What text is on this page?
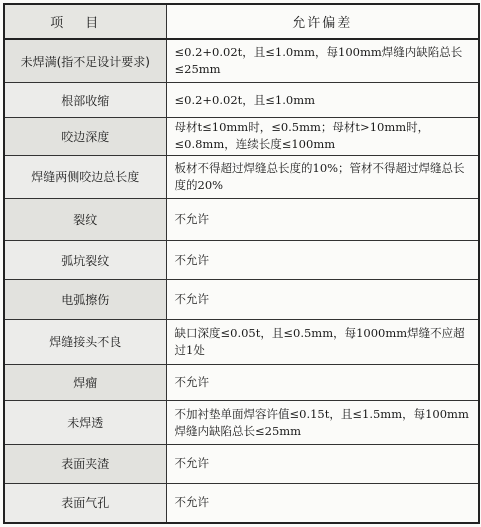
项目	允许偏差
未焊满(指不足设计要求)	≤0.2+0.02t，且≤1.0mm，每100mm焊缝内缺陷总长≤25mm
根部收缩	≤0.2+0.02t，且≤1.0mm
咬边深度	母材t≤10mm时，≤0.5mm；母材t>10mm时，≤0.8mm，连续长度≤100mm
焊缝两侧咬边总长度	板材不得超过焊缝总长度的10%；管材不得超过焊缝总长度的20%
裂纹	不允许
弧坑裂纹	不允许
电弧擦伤	不允许
焊缝接头不良	缺口深度≤0.05t，且≤0.5mm，每1000mm焊缝不应超过1处
焊瘤	不允许
未焊透	不加衬垫单面焊容许值≤0.15t，且≤1.5mm，每100mm焊缝内缺陷总长≤25mm
表面夹渣	不允许
表面气孔	不允许
